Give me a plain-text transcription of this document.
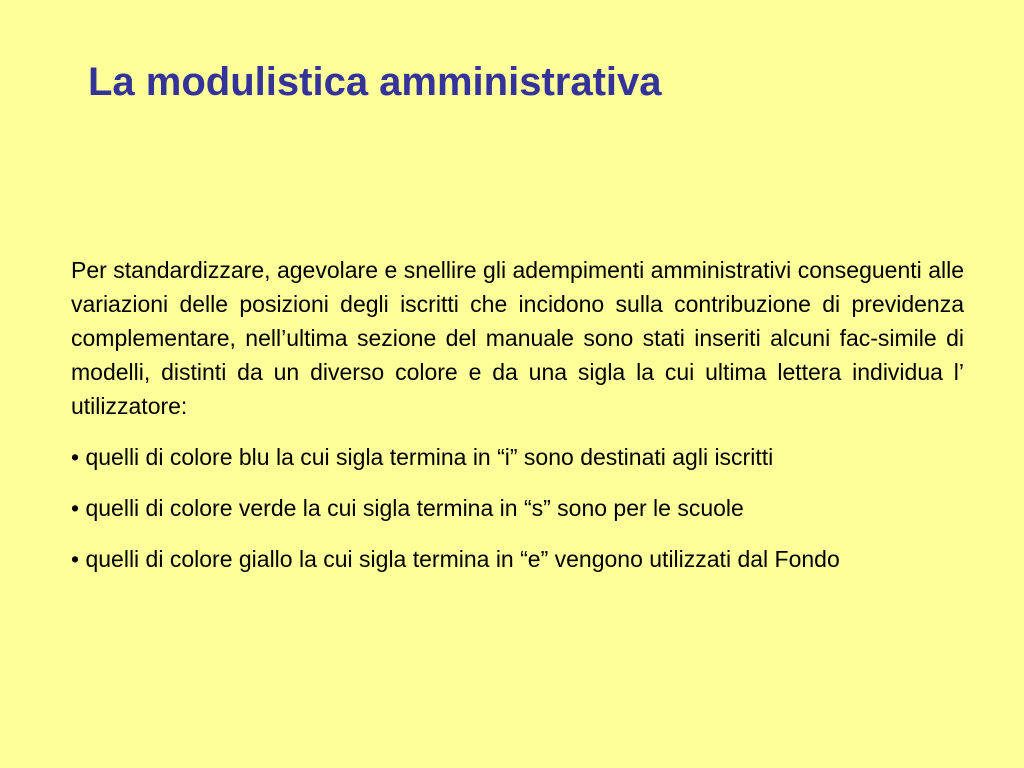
La modulistica amministrativa

Per standardizzare, agevolare e snellire gli adempimenti amministrativi conseguenti alle variazioni delle posizioni degli iscritti che incidono sulla contribuzione di previdenza complementare, nell’ultima sezione del manuale sono stati inseriti alcuni fac-simile di modelli, distinti da un diverso colore e da una sigla la cui ultima lettera individua l’ utilizzatore:

• quelli di colore blu la cui sigla termina in “i” sono destinati agli iscritti

• quelli di colore verde la cui sigla termina in “s” sono per le scuole

• quelli di colore giallo la cui sigla termina in “e” vengono utilizzati dal Fondo
